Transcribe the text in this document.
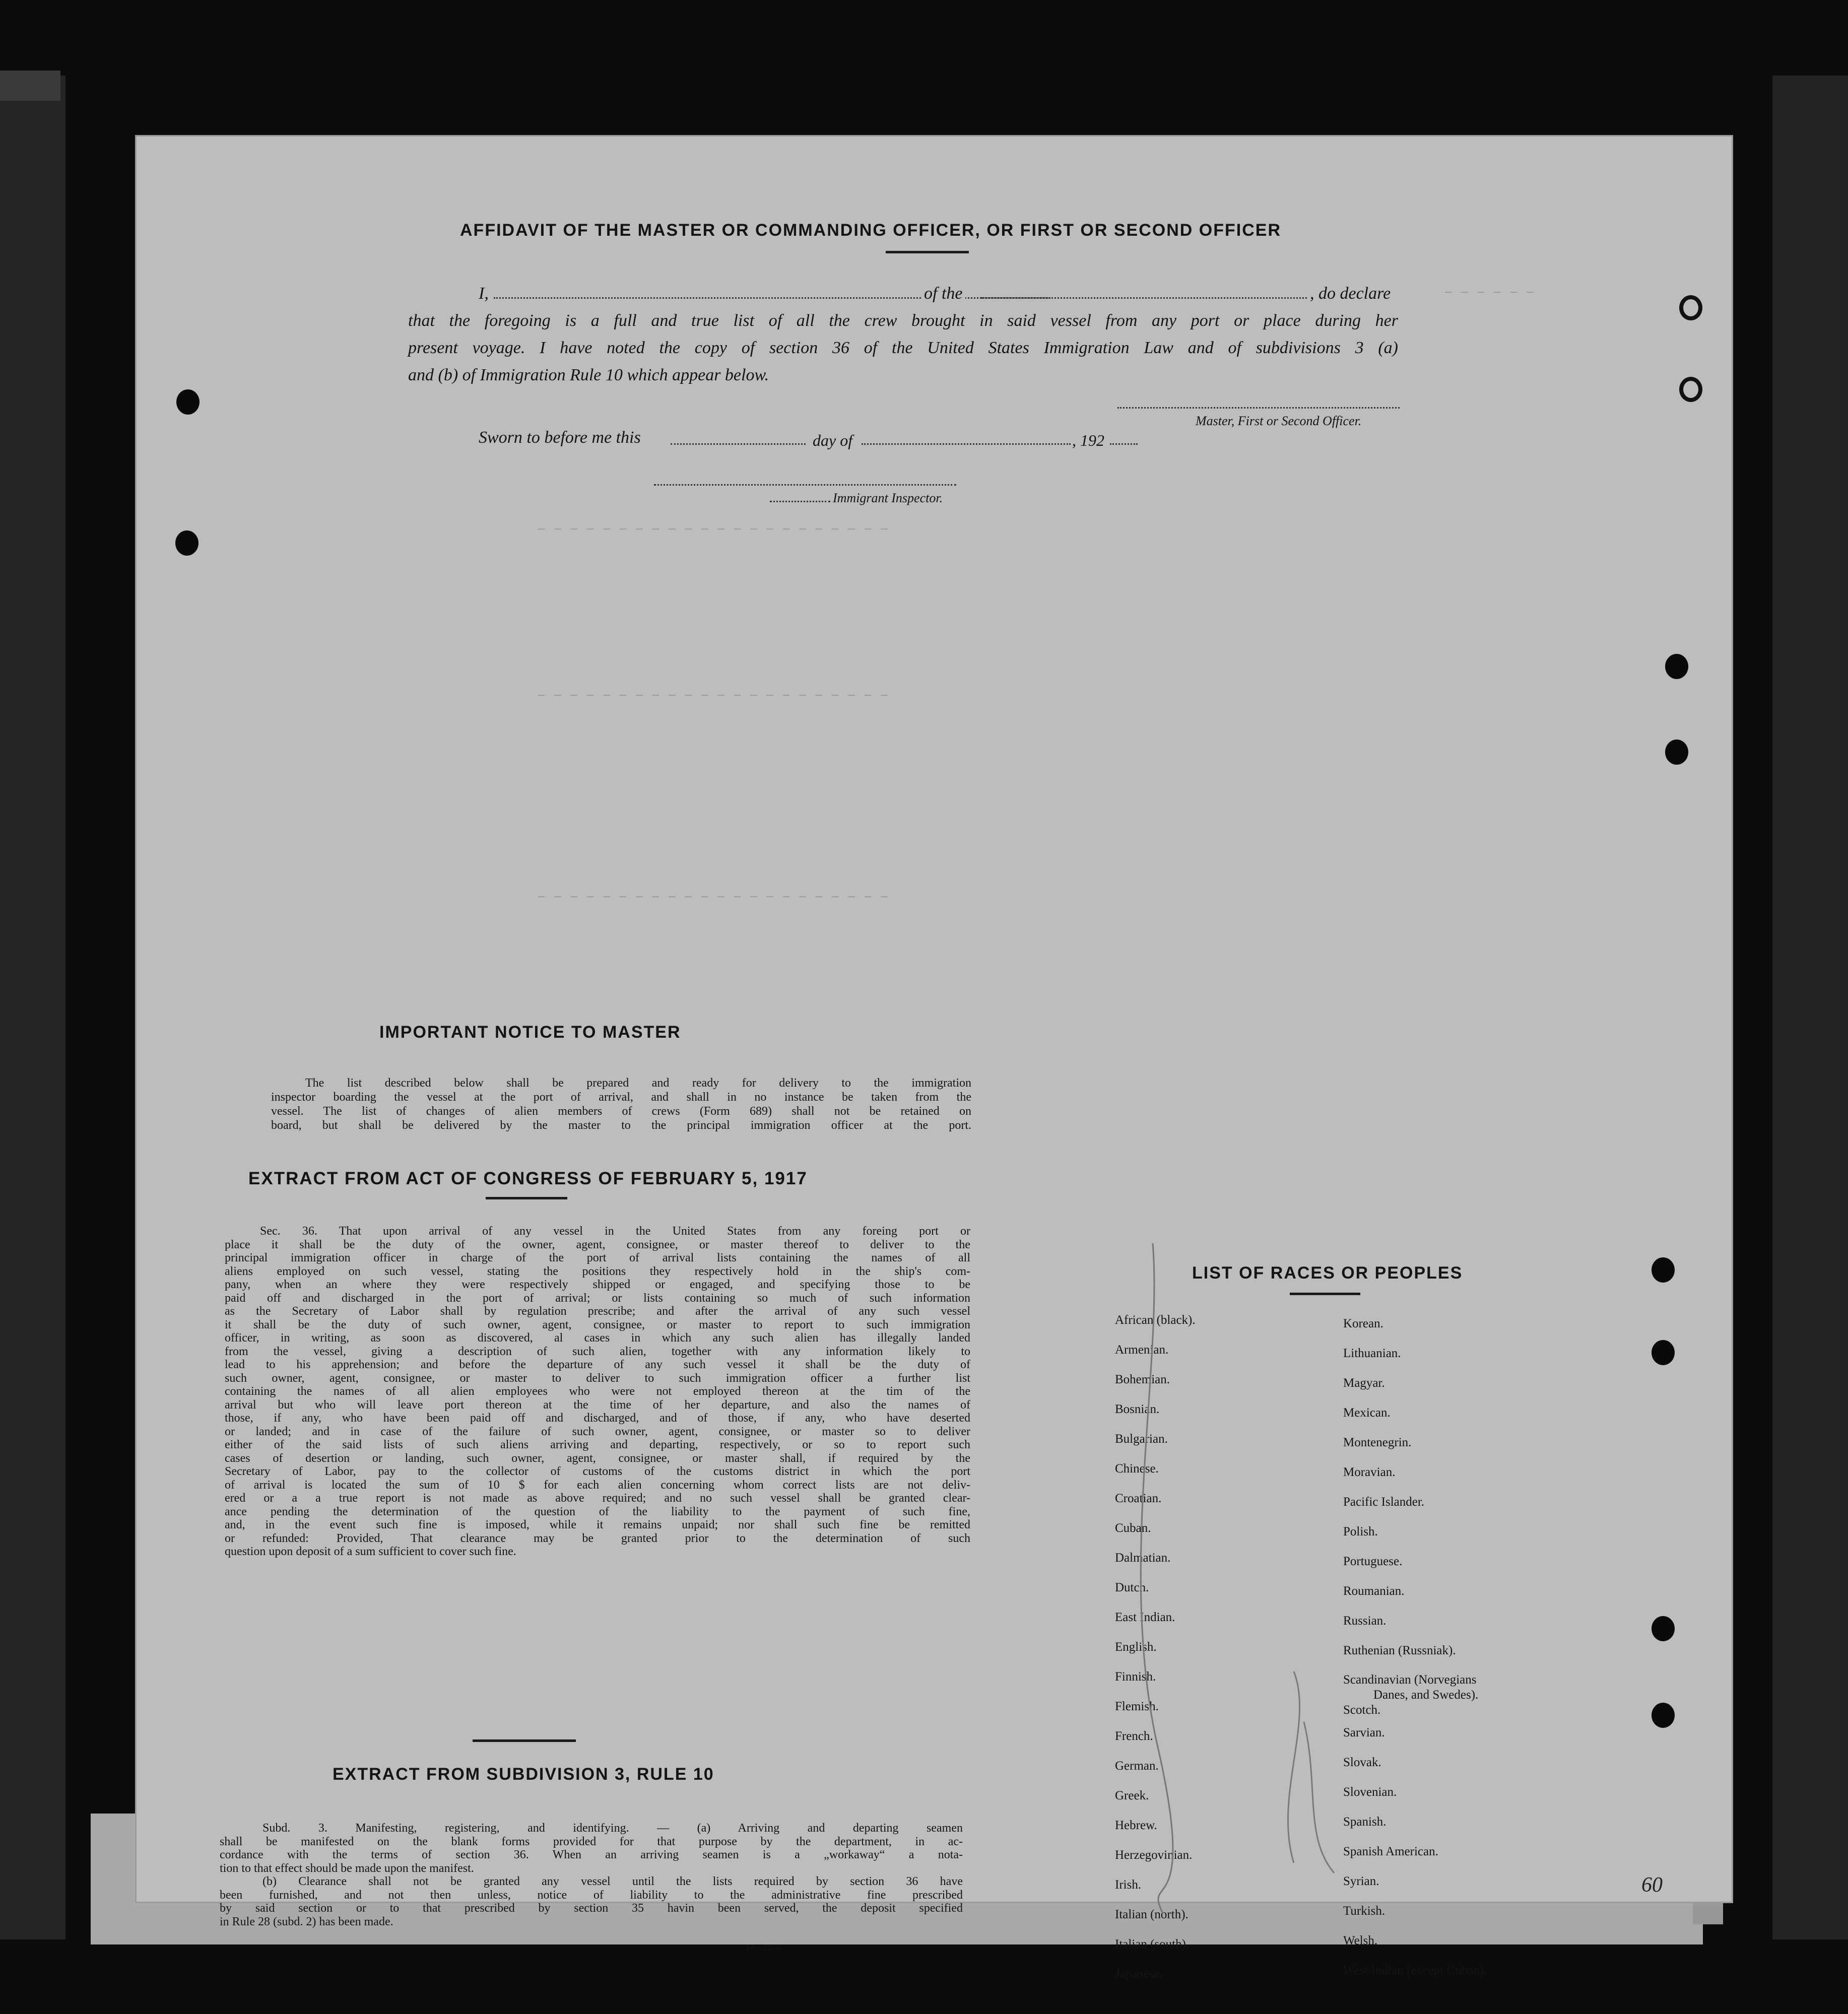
— — — — — —
— — — — — — — — — — — — — — — — — — — — — —
— — — — — — — — — — — — — — — — — — — — — —
— — — — — — — — — — — — — — — — — — — — — —
AFFIDAVIT OF THE MASTER OR COMMANDING OFFICER, OR FIRST OR SECOND OFFICER
I,	of the	, do declare
that the foregoing is a full and true list of all the crew brought in said vessel from any port or place during her
present voyage. I have noted the copy of section 36 of the United States Immigration Law and of subdivisions 3 (a)
and (b) of Immigration Rule 10 which appear below.
Master, First or Second Officer.
Sworn to before me this	day of	, 192
Immigrant Inspector.
IMPORTANT NOTICE TO MASTER
The list described below shall be prepared and ready for delivery to the immigration
inspector boarding the vessel at the port of arrival, and shall in no instance be taken from the
vessel. The list of changes of alien members of crews (Form 689) shall not be retained on
board, but shall be delivered by the master to the principal immigration officer at the port.
EXTRACT FROM ACT OF CONGRESS OF FEBRUARY 5, 1917
Sec. 36. That upon arrival of any vessel in the United States from any foreing port or
place it shall be the duty of the owner, agent, consignee, or master thereof to deliver to the
principal immigration officer in charge of the port of arrival lists containing the names of all
aliens employed on such vessel, stating the positions they respectively hold in the ship's com-
pany, when an where they were respectively shipped or engaged, and specifying those to be
paid off and discharged in the port of arrival; or lists containing so much of such information
as the Secretary of Labor shall by regulation prescribe; and after the arrival of any such vessel
it shall be the duty of such owner, agent, consignee, or master to report to such immigration
officer, in writing, as soon as discovered, al cases in which any such alien has illegally landed
from the vessel, giving a description of such alien, together with any information likely to
lead to his apprehension; and before the departure of any such vessel it shall be the duty of
such owner, agent, consignee, or master to deliver to such immigration officer a further list
containing the names of all alien employees who were not employed thereon at the tim of the
arrival but who will leave port thereon at the time of her departure, and also the names of
those, if any, who have been paid off and discharged, and of those, if any, who have deserted
or landed; and in case of the failure of such owner, agent, consignee, or master so to deliver
either of the said lists of such aliens arriving and departing, respectively, or so to report such
cases of desertion or landing, such owner, agent, consignee, or master shall, if required by the
Secretary of Labor, pay to the collector of customs of the customs district in which the port
of arrival is located the sum of 10 $ for each alien concerning whom correct lists are not deliv-
ered or a a true report is not made as above required; and no such vessel shall be granted clear-
ance pending the determination of the question of the liability to the payment of such fine,
and, in the event such fine is imposed, while it remains unpaid; nor shall such fine be remitted
or refunded: Provided, That clearance may be granted prior to the determination of such
question upon deposit of a sum sufficient to cover such fine.
EXTRACT FROM SUBDIVISION 3, RULE 10
Subd. 3. Manifesting, registering, and identifying. — (a) Arriving and departing seamen
shall be manifested on the blank forms provided for that purpose by the department, in ac-
cordance with the terms of section 36. When an arriving seamen is a „workaway“ a nota-
tion to that effect should be made upon the manifest.
(b) Clearance shall not be granted any vessel until the lists required by section 36 have
been furnished, and not then unless, notice of liability to the administrative fine prescribed
by said section or to that prescribed by section 35 havin been served, the deposit specified
in Rule 28 (subd. 2) has been made.
14—1240
LIST OF RACES OR PEOPLES
African (black).
Armenian.
Bohemian.
Bosnian.
Bulgarian.
Chinese.
Croatian.
Cuban.
Dalmatian.
Dutch.
East Indian.
English.
Finnish.
Flemish.
French.
German.
Greek.
Hebrew.
Herzegovinian.
Irish.
Italian (north).
Italian (south).
Japanese.
Korean.
Lithuanian.
Magyar.
Mexican.
Montenegrin.
Moravian.
Pacific Islander.
Polish.
Portuguese.
Roumanian.
Russian.
Ruthenian (Russniak).
Scandinavian (Norvegians
Danes, and Swedes).
Scotch.
Sarvian.
Slovak.
Slovenian.
Spanish.
Spanish American.
Syrian.
Turkish.
Welsh.
West Indian (except Cuban).
60
